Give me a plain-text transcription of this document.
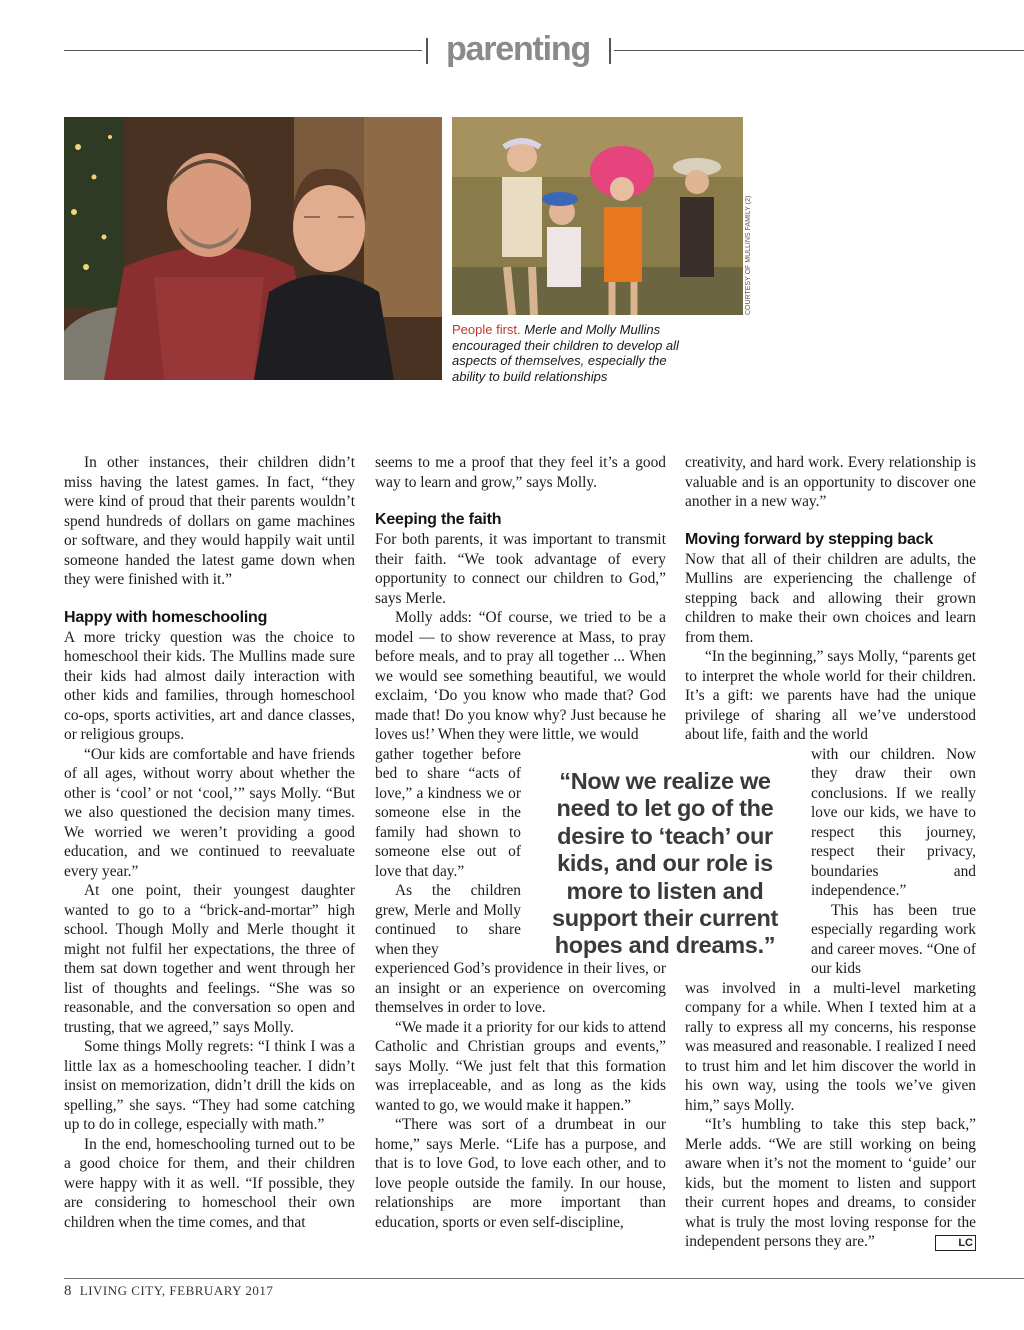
parenting
COURTESY OF MULLINS FAMILY (2)
People first. Merle and Molly Mullins encouraged their children to develop all aspects of themselves, especially the ability to build relationships

In other instances, their children didn’t miss having the latest games. In fact, “they were kind of proud that their parents wouldn’t spend hundreds of dollars on game machines or software, and they would happily wait until someone handed the latest game down when they were finished with it.”

Happy with homeschooling

A more tricky question was the choice to homeschool their kids. The Mullins made sure their kids had almost daily interaction with other kids and families, through homeschool co-ops, sports activities, art and dance classes, or religious groups.

“Our kids are comfortable and have friends of all ages, without worry about whether the other is ‘cool’ or not ‘cool,’” says Molly. “But we also questioned the decision many times. We worried we weren’t providing a good education, and we continued to reevaluate every year.”

At one point, their youngest daughter wanted to go to a “brick-and-mortar” high school. Though Molly and Merle thought it might not fulfil her expectations, the three of them sat down together and went through her list of thoughts and feelings. “She was so reasonable, and the conversation so open and trusting, that we agreed,” says Molly.

Some things Molly regrets: “I think I was a little lax as a homeschooling teacher. I didn’t insist on memorization, didn’t drill the kids on spelling,” she says. “They had some catching up to do in college, especially with math.”

In the end, homeschooling turned out to be a good choice for them, and their children were happy with it as well. “If possible, they are considering to homeschool their own children when the time comes, and that

seems to me a proof that they feel it’s a good way to learn and grow,” says Molly.

Keeping the faith

For both parents, it was important to transmit their faith. “We took advantage of every opportunity to connect our children to God,” says Merle.

Molly adds: “Of course, we tried to be a model — to show reverence at Mass, to pray before meals, and to pray all together ... When we would see something beautiful, we would exclaim, ‘Do you know who made that? God made that! Do you know why? Just because he loves us!’ When they were little, we would

gather together before bed to share “acts of love,” a kindness we or someone else in the family had shown to someone else out of love that day.”

As the children grew, Merle and Molly continued to share when they

experienced God’s providence in their lives, or an insight or an experience on overcoming themselves in order to love.

“We made it a priority for our kids to attend Catholic and Christian groups and events,” says Molly. “We just felt that this formation was irreplaceable, and as long as the kids wanted to go, we would make it happen.”

“There was sort of a drumbeat in our home,” says Merle. “Life has a purpose, and that is to love God, to love each other, and to love people outside the family. In our house, relationships are more important than education, sports or even self-discipline,

“Now we realize we need to let go of the desire to ‘teach’ our kids, and our role is more to listen and support their current hopes and dreams.”

creativity, and hard work. Every relationship is valuable and is an opportunity to discover one another in a new way.”

Moving forward by stepping back

Now that all of their children are adults, the Mullins are experiencing the challenge of stepping back and allowing their grown children to make their own choices and learn from them.

“In the beginning,” says Molly, “parents get to interpret the whole world for their children. It’s a gift: we parents have had the unique privilege of sharing all we’ve understood about life, faith and the world

with our children. Now they draw their own conclusions. If we really love our kids, we have to respect this journey, respect their privacy, boundaries and independence.”

This has been true especially regarding work and career moves. “One of our kids

was involved in a multi-level marketing company for a while. When I texted him at a rally to express all my concerns, his response was measured and reasonable. I realized I need to trust him and let him discover the world in his own way, using the tools we’ve given him,” says Molly.

“It’s humbling to take this step back,” Merle adds. “We are still working on being aware when it’s not the moment to ‘guide’ our kids, but the moment to listen and support their current hopes and dreams, to consider what is truly the most loving response for the independent persons they are.”	LC

8 LIVING CITY, FEBRUARY 2017
